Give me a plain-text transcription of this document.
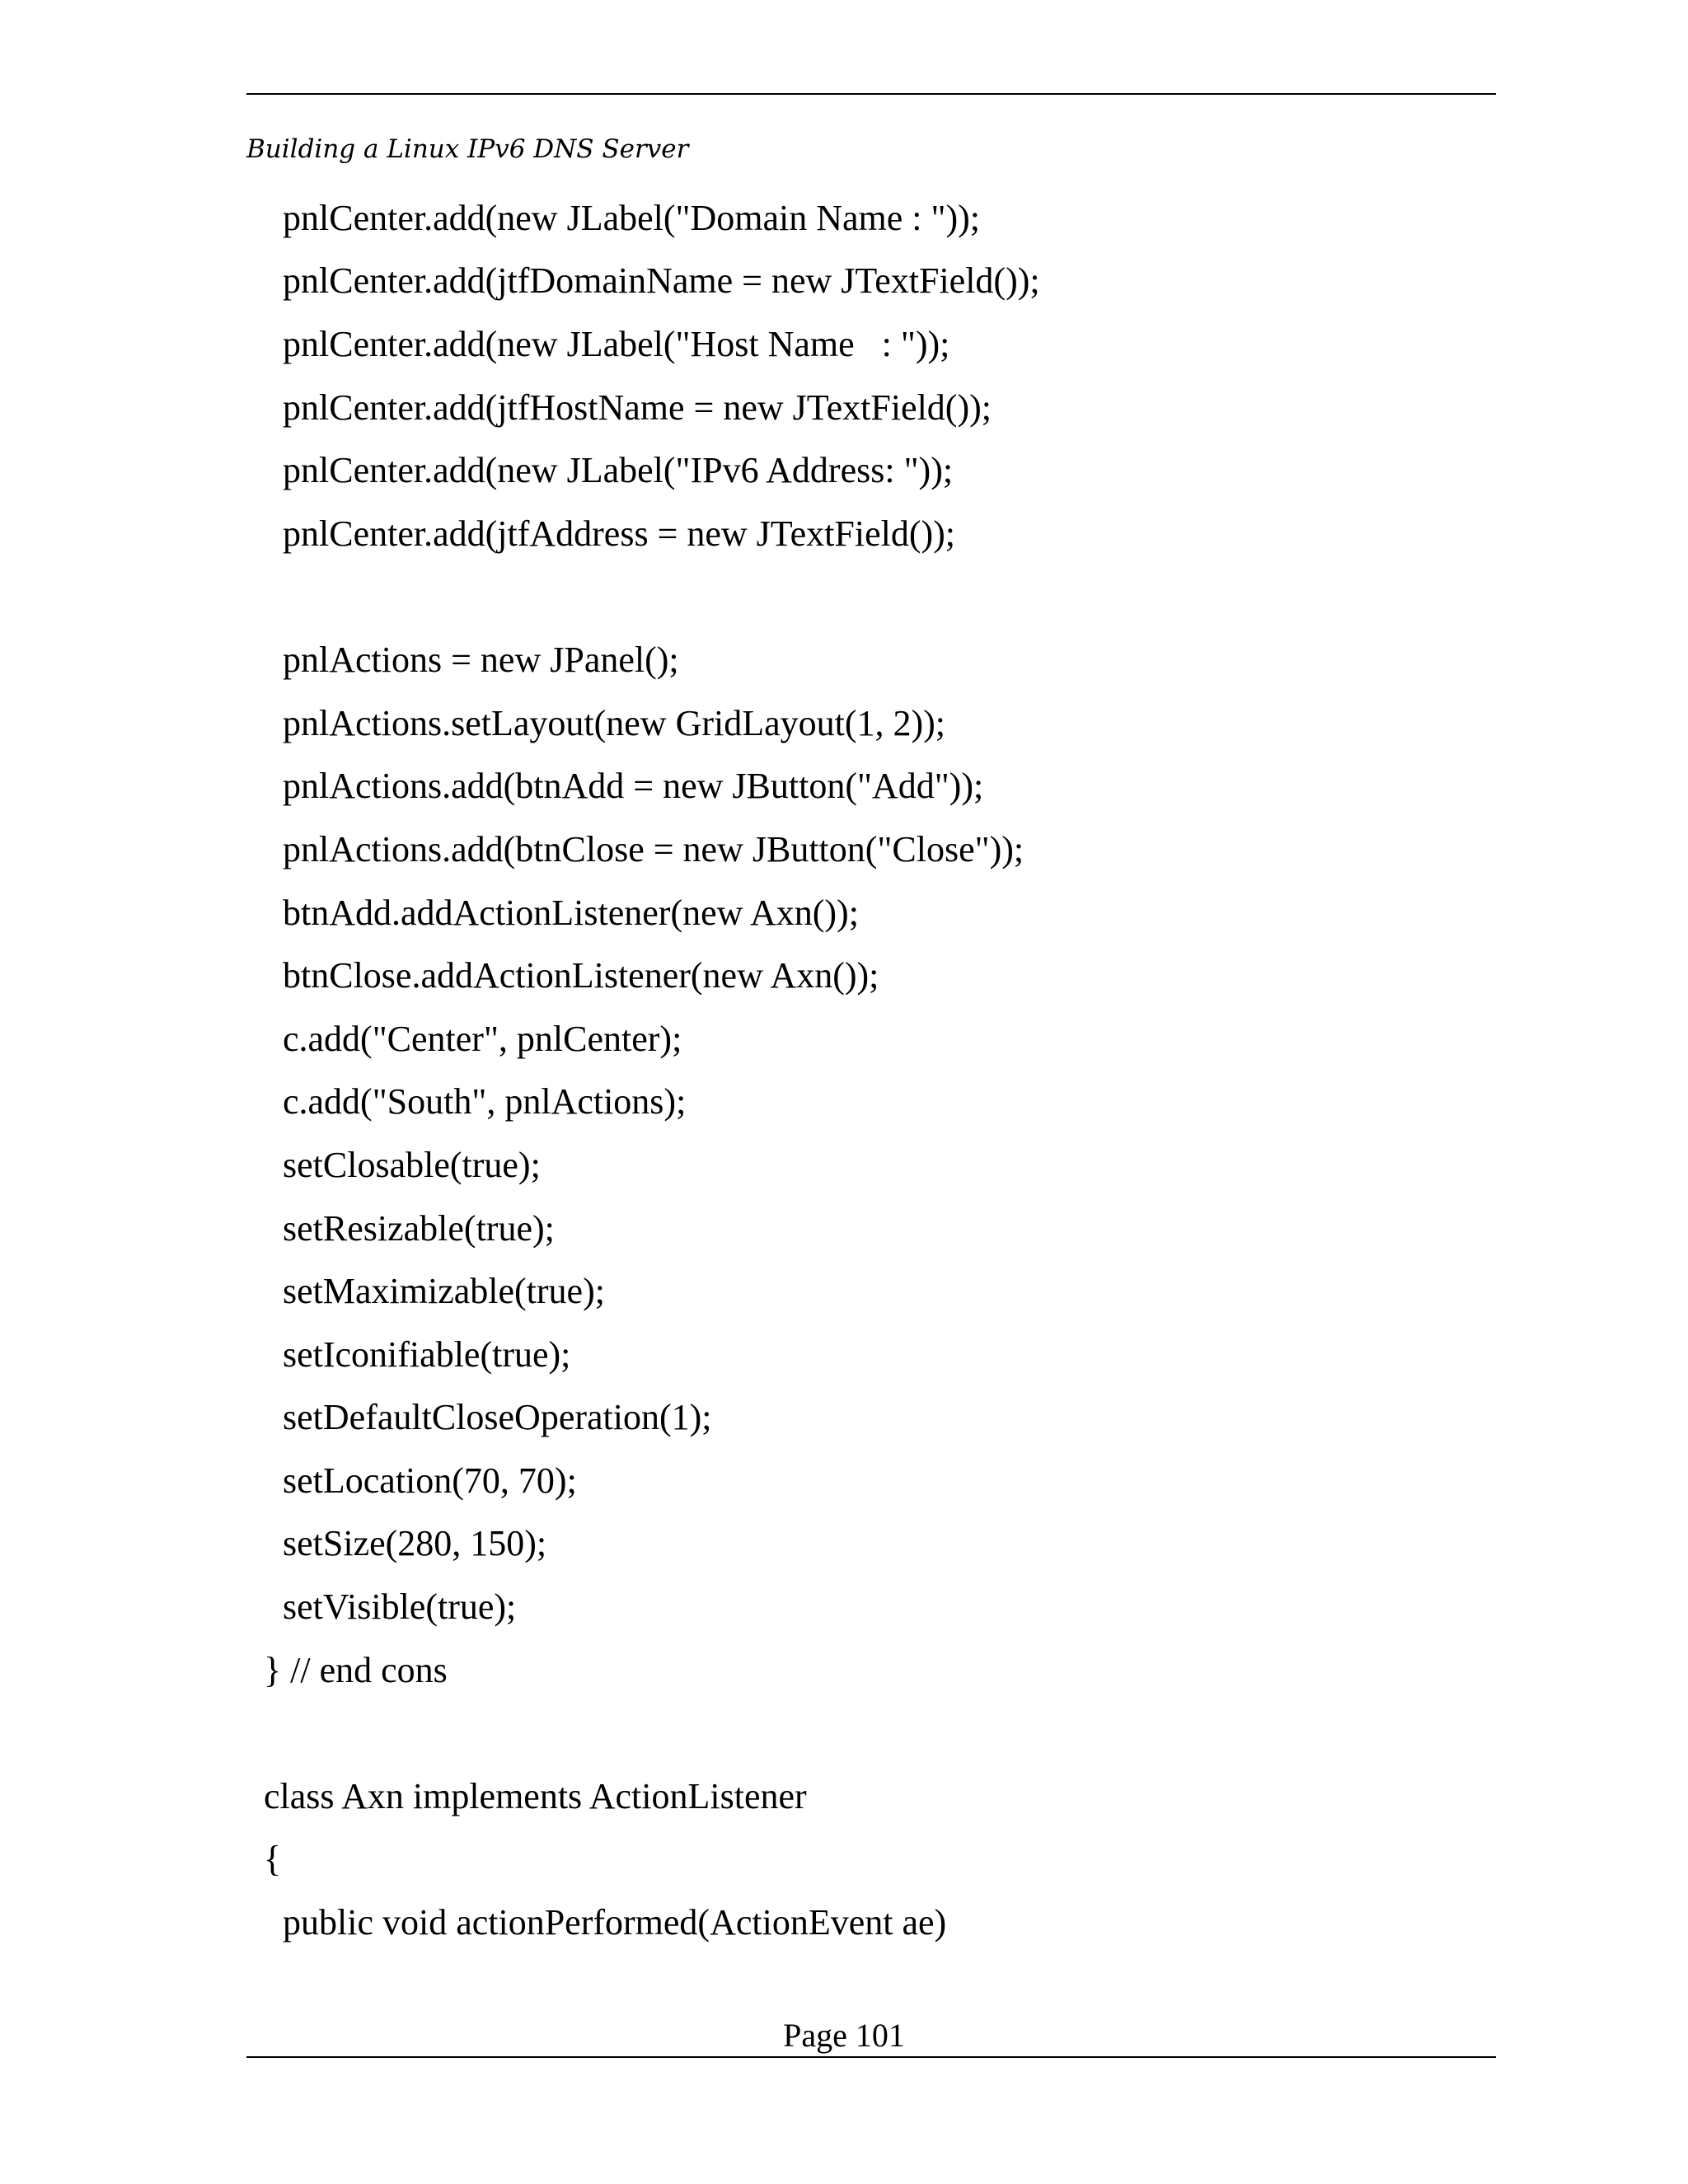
Building a Linux IPv6 DNS Server
pnlCenter.add(new JLabel("Domain Name : "));
pnlCenter.add(jtfDomainName = new JTextField());
pnlCenter.add(new JLabel("Host Name   : "));
pnlCenter.add(jtfHostName = new JTextField());
pnlCenter.add(new JLabel("IPv6 Address: "));
pnlCenter.add(jtfAddress = new JTextField());
pnlActions = new JPanel();
pnlActions.setLayout(new GridLayout(1, 2));
pnlActions.add(btnAdd = new JButton("Add"));
pnlActions.add(btnClose = new JButton("Close"));
btnAdd.addActionListener(new Axn());
btnClose.addActionListener(new Axn());
c.add("Center", pnlCenter);
c.add("South", pnlActions);
setClosable(true);
setResizable(true);
setMaximizable(true);
setIconifiable(true);
setDefaultCloseOperation(1);
setLocation(70, 70);
setSize(280, 150);
setVisible(true);
} // end cons
class Axn implements ActionListener
{
public void actionPerformed(ActionEvent ae)
Page 101
